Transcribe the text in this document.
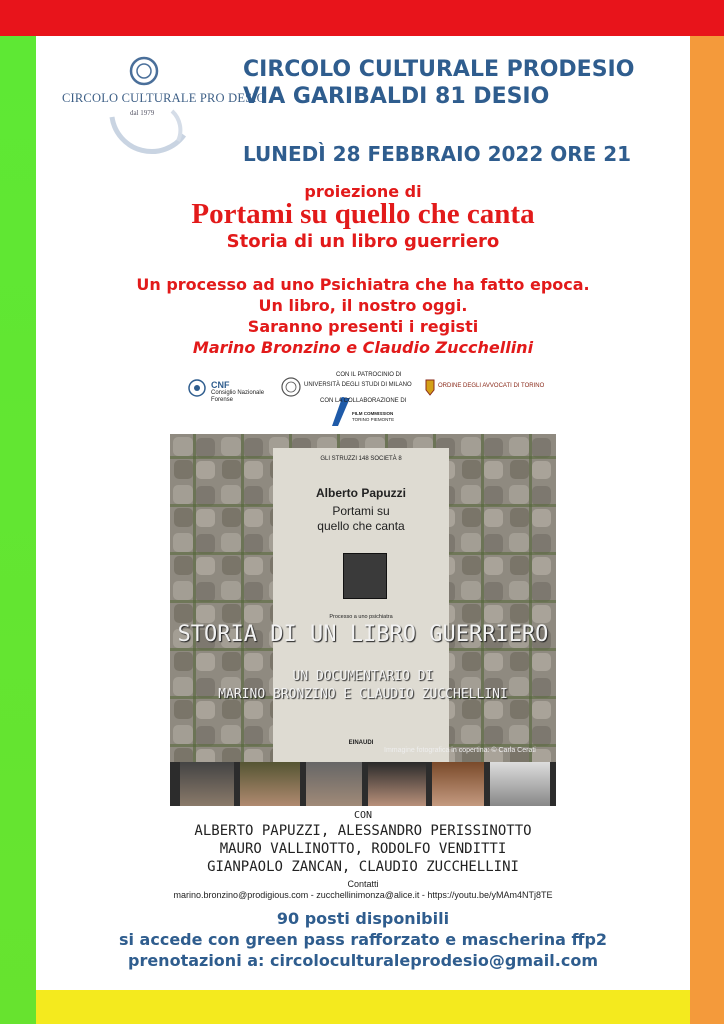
CIRCOLO CULTURALE PRO DESIO
dal 1979
CIRCOLO CULTURALE PRODESIO
VIA GARIBALDI 81 DESIO
LUNEDÌ 28 FEBBRAIO 2022 ORE 21
proiezione di
Portami su quello che canta
Storia di un libro guerriero
Un processo ad uno Psichiatra che ha fatto epoca.
Un libro, il nostro oggi.
Saranno presenti i registi
Marino Bronzino e Claudio Zucchellini
CNF
Consiglio Nazionale
Forense
CON IL PATROCINIO DI
UNIVERSITÀ DEGLI STUDI DI MILANO
CON LA COLLABORAZIONE DI
FILM COMMISSION
TORINO PIEMONTE
ORDINE DEGLI AVVOCATI DI TORINO
GLI STRUZZI 148 SOCIETÀ 8
Alberto Papuzzi
Portami su
quello che canta
Processo a uno psichiatra
EINAUDI
STORIA DI UN LIBRO GUERRIERO
UN DOCUMENTARIO DI
MARINO BRONZINO E CLAUDIO ZUCCHELLINI
Immagine fotografica in copertina: © Carla Cerati
CON
ALBERTO PAPUZZI, ALESSANDRO PERISSINOTTO
MAURO VALLINOTTO, RODOLFO VENDITTI
GIANPAOLO ZANCAN, CLAUDIO ZUCCHELLINI
Contatti
marino.bronzino@prodigious.com - zucchellinimonza@alice.it - https://youtu.be/yMAm4NTj8TE
90 posti disponibili
si accede con green pass rafforzato e mascherina ffp2
prenotazioni a: circoloculturaleprodesio@gmail.com
